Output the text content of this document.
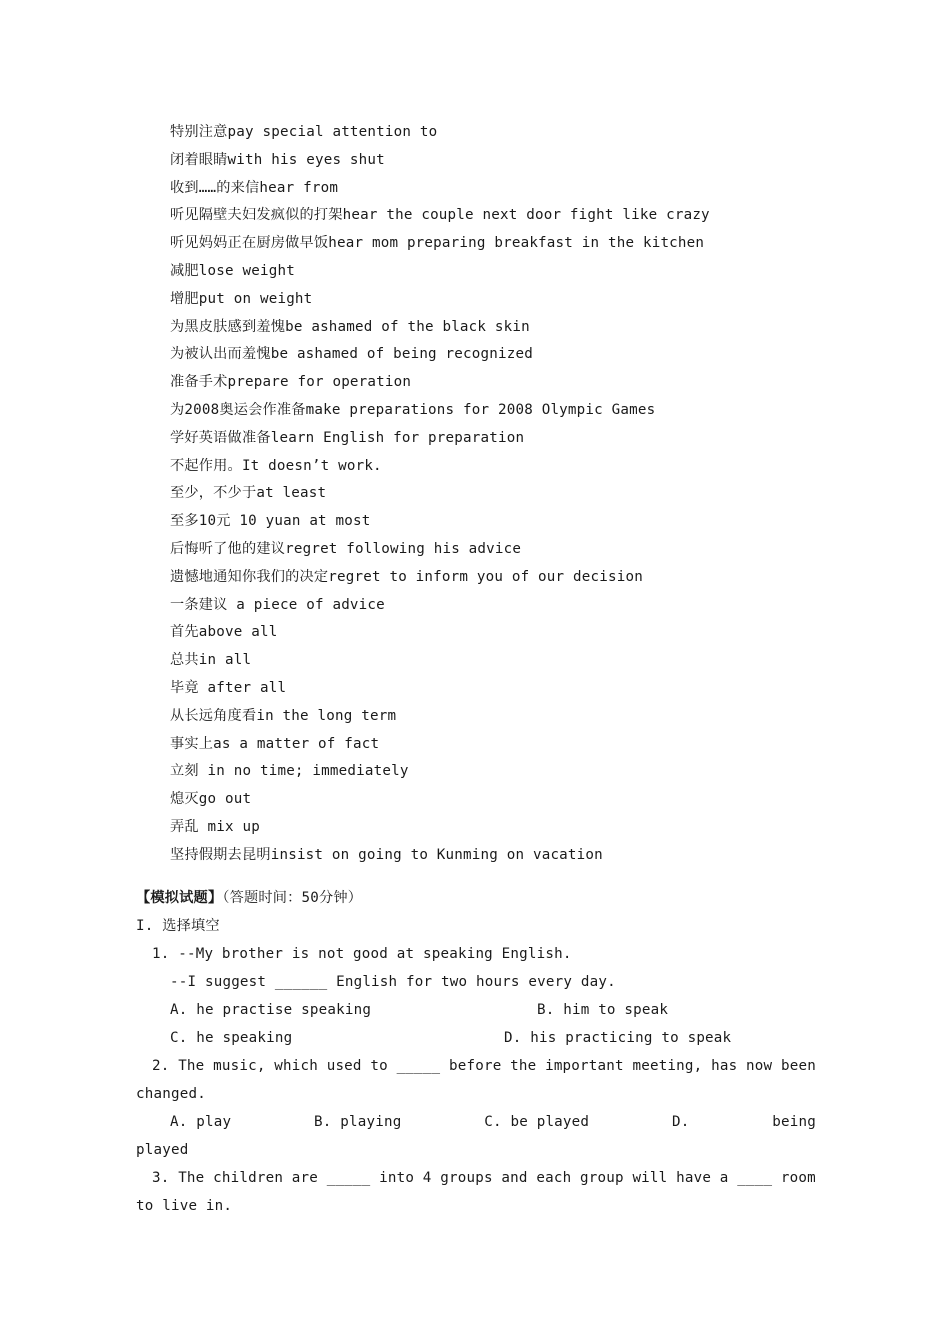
特别注意pay special attention to
闭着眼睛with his eyes shut
收到……的来信hear from
听见隔壁夫妇发疯似的打架hear the couple next door fight like crazy
听见妈妈正在厨房做早饭hear mom preparing breakfast in the kitchen
减肥lose weight
增肥put on weight
为黑皮肤感到羞愧be ashamed of the black skin
为被认出而羞愧be ashamed of being recognized
准备手术prepare for operation
为2008奥运会作准备make preparations for 2008 Olympic Games
学好英语做准备learn English for preparation
不起作用。It doesn’t work.
至少，不少于at least
至多10元 10 yuan at most
后悔听了他的建议regret following his advice
遗憾地通知你我们的决定regret to inform you of our decision
一条建议 a piece of advice
首先above all
总共in all
毕竟 after all
从长远角度看in the long term
事实上as a matter of fact
立刻 in no time; immediately
熄灭go out
弄乱 mix up
坚持假期去昆明insist on going to Kunming on vacation
【模拟试题】（答题时间：50分钟）
I. 选择填空
1. --My brother is not good at speaking English.
--I suggest ______ English for two hours every day.
A. he practise speaking	B. him to speak
C. he speaking	D. his practicing to speak
2. The music, which used to _____ before the important meeting, has now been
changed.
A. play	B. playing	C. be played	D.	being
played
3. The children are _____ into 4 groups and each group will have a ____ room
to live in.
